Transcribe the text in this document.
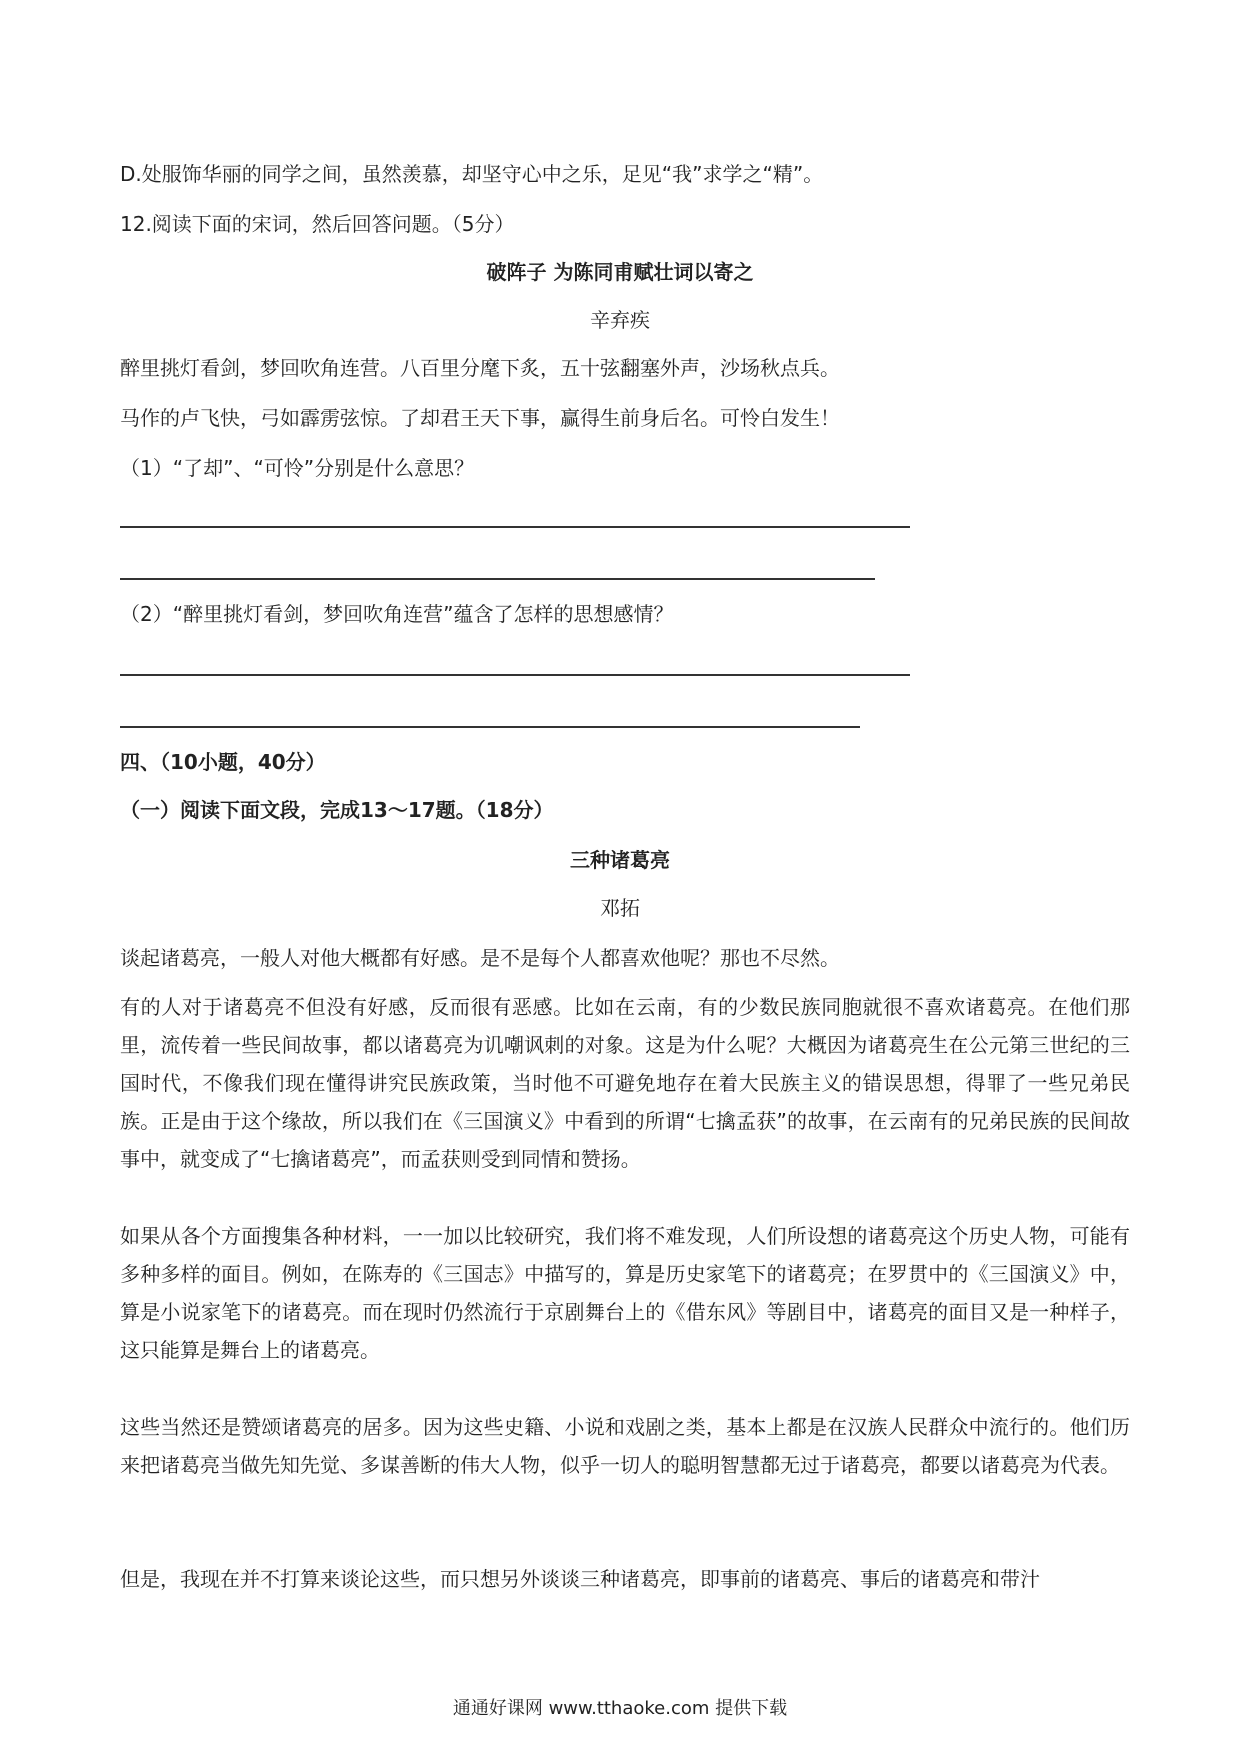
D.处服饰华丽的同学之间，虽然羡慕，却坚守心中之乐，足见“我”求学之“精”。
12.阅读下面的宋词，然后回答问题。（5分）
破阵子 为陈同甫赋壮词以寄之
辛弃疾
醉里挑灯看剑，梦回吹角连营。八百里分麾下炙，五十弦翻塞外声，沙场秋点兵。
马作的卢飞快，弓如霹雳弦惊。了却君王天下事，赢得生前身后名。可怜白发生！
（1）“了却”、“可怜”分别是什么意思？
（2）“醉里挑灯看剑，梦回吹角连营”蕴含了怎样的思想感情？
四、（10小题，40分）
（一）阅读下面文段，完成13～17题。（18分）
三种诸葛亮
邓拓
谈起诸葛亮，一般人对他大概都有好感。是不是每个人都喜欢他呢？那也不尽然。
有的人对于诸葛亮不但没有好感，反而很有恶感。比如在云南，有的少数民族同胞就很不喜欢诸葛亮。在他们那里，流传着一些民间故事，都以诸葛亮为讥嘲讽刺的对象。这是为什么呢？大概因为诸葛亮生在公元第三世纪的三国时代，不像我们现在懂得讲究民族政策，当时他不可避免地存在着大民族主义的错误思想，得罪了一些兄弟民族。正是由于这个缘故，所以我们在《三国演义》中看到的所谓“七擒孟获”的故事，在云南有的兄弟民族的民间故事中，就变成了“七擒诸葛亮”，而孟获则受到同情和赞扬。
如果从各个方面搜集各种材料，一一加以比较研究，我们将不难发现，人们所设想的诸葛亮这个历史人物，可能有多种多样的面目。例如，在陈寿的《三国志》中描写的，算是历史家笔下的诸葛亮；在罗贯中的《三国演义》中，算是小说家笔下的诸葛亮。而在现时仍然流行于京剧舞台上的《借东风》等剧目中，诸葛亮的面目又是一种样子，这只能算是舞台上的诸葛亮。
这些当然还是赞颂诸葛亮的居多。因为这些史籍、小说和戏剧之类，基本上都是在汉族人民群众中流行的。他们历来把诸葛亮当做先知先觉、多谋善断的伟大人物，似乎一切人的聪明智慧都无过于诸葛亮，都要以诸葛亮为代表。
但是，我现在并不打算来谈论这些，而只想另外谈谈三种诸葛亮，即事前的诸葛亮、事后的诸葛亮和带汁
通通好课网 www.tthaoke.com 提供下载
